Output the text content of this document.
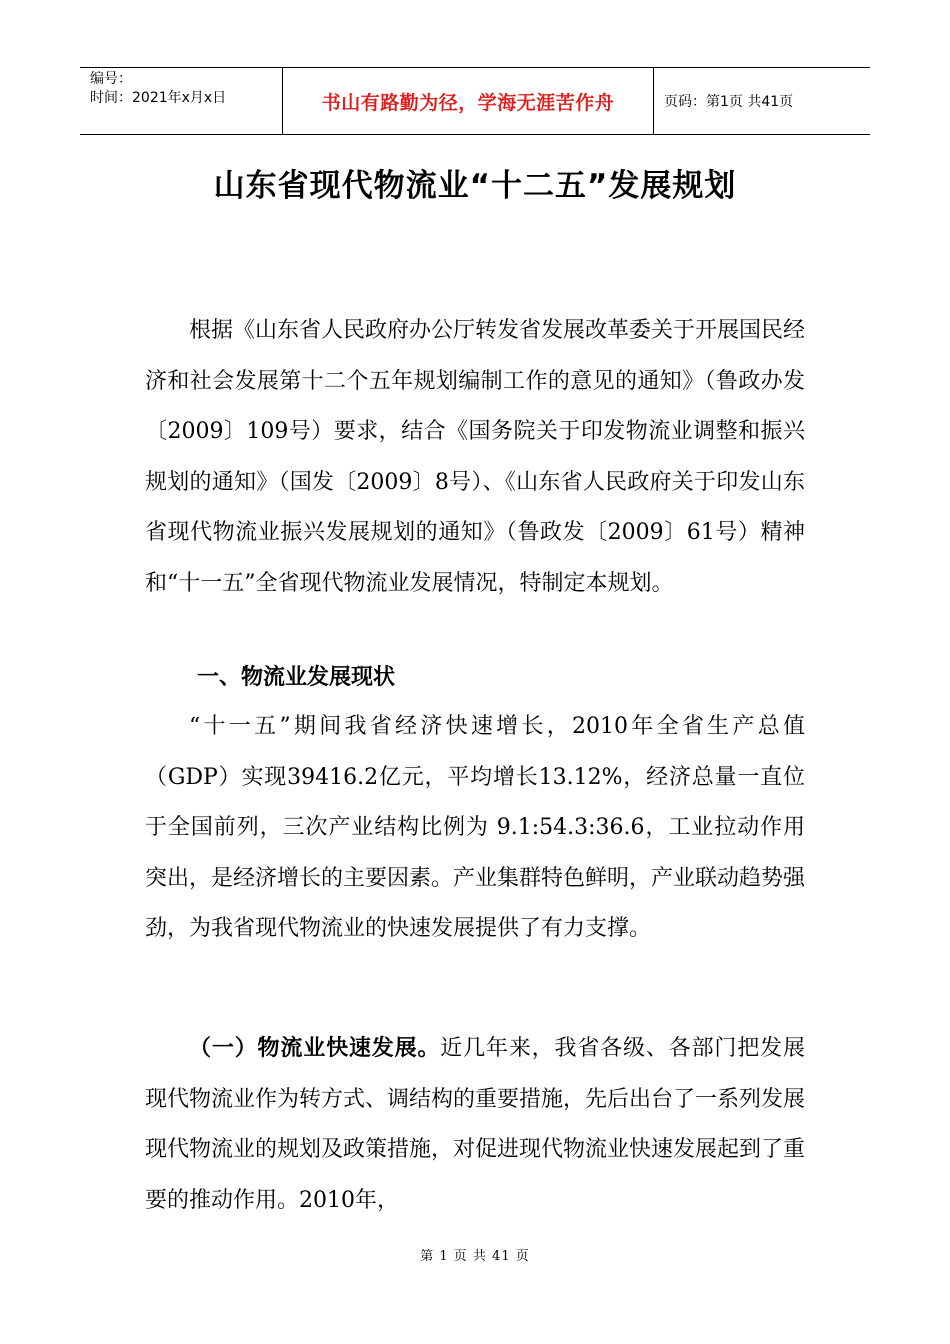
编号：
时间：2021年x月x日	书山有路勤为径，学海无涯苦作舟	页码：第1页 共41页
山东省现代物流业“十二五”发展规划

根据《山东省人民政府办公厅转发省发展改革委关于开展国民经济和社会发展第十二个五年规划编制工作的意见的通知》（鲁政办发〔2009〕109号）要求，结合《国务院关于印发物流业调整和振兴规划的通知》（国发〔2009〕8号）、《山东省人民政府关于印发山东省现代物流业振兴发展规划的通知》（鲁政发〔2009〕61号）精神和“十一五”全省现代物流业发展情况，特制定本规划。

一、物流业发展现状

“十一五”期间我省经济快速增长，2010年全省生产总值（GDP）实现39416.2亿元，平均增长13.12%，经济总量一直位于全国前列，三次产业结构比例为 9.1:54.3:36.6，工业拉动作用突出，是经济增长的主要因素。产业集群特色鲜明，产业联动趋势强劲，为我省现代物流业的快速发展提供了有力支撑。

（一）物流业快速发展。近几年来，我省各级、各部门把发展现代物流业作为转方式、调结构的重要措施，先后出台了一系列发展现代物流业的规划及政策措施，对促进现代物流业快速发展起到了重要的推动作用。2010年，

第 1 页 共 41 页
